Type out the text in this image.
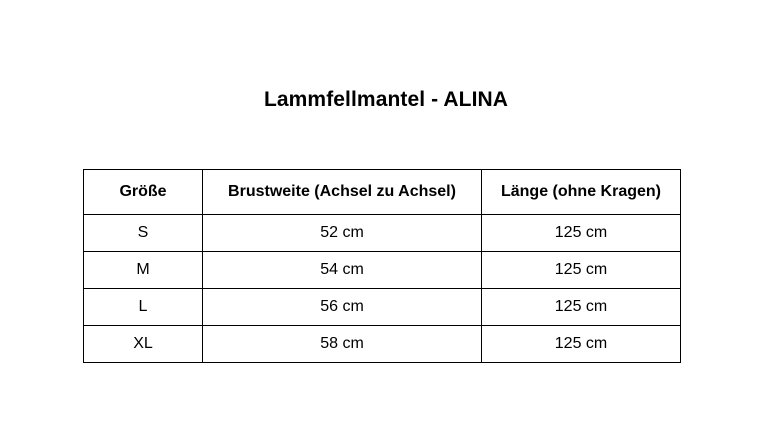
Lammfellmantel - ALINA
Größe	Brustweite (Achsel zu Achsel)	Länge (ohne Kragen)
S	52 cm	125 cm
M	54 cm	125 cm
L	56 cm	125 cm
XL	58 cm	125 cm
